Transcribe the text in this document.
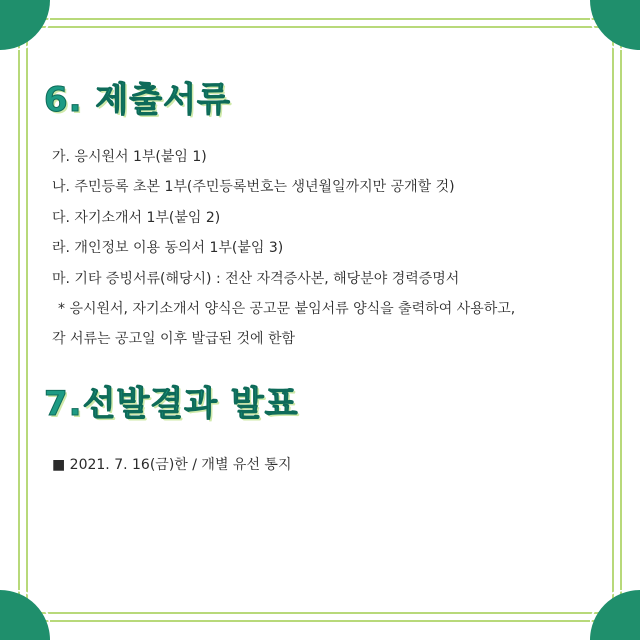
6. 제출서류
가. 응시원서 1부(붙임 1)
나. 주민등록 초본 1부(주민등록번호는 생년월일까지만 공개할 것)
다. 자기소개서 1부(붙임 2)
라. 개인정보 이용 동의서 1부(붙임 3)
마. 기타 증빙서류(해당시) : 전산 자격증사본, 해당분야 경력증명서
* 응시원서, 자기소개서 양식은 공고문 붙임서류 양식을 출력하여 사용하고,
각 서류는 공고일 이후 발급된 것에 한함
7.선발결과 발표
■ 2021. 7. 16(금)한 / 개별 유선 통지
